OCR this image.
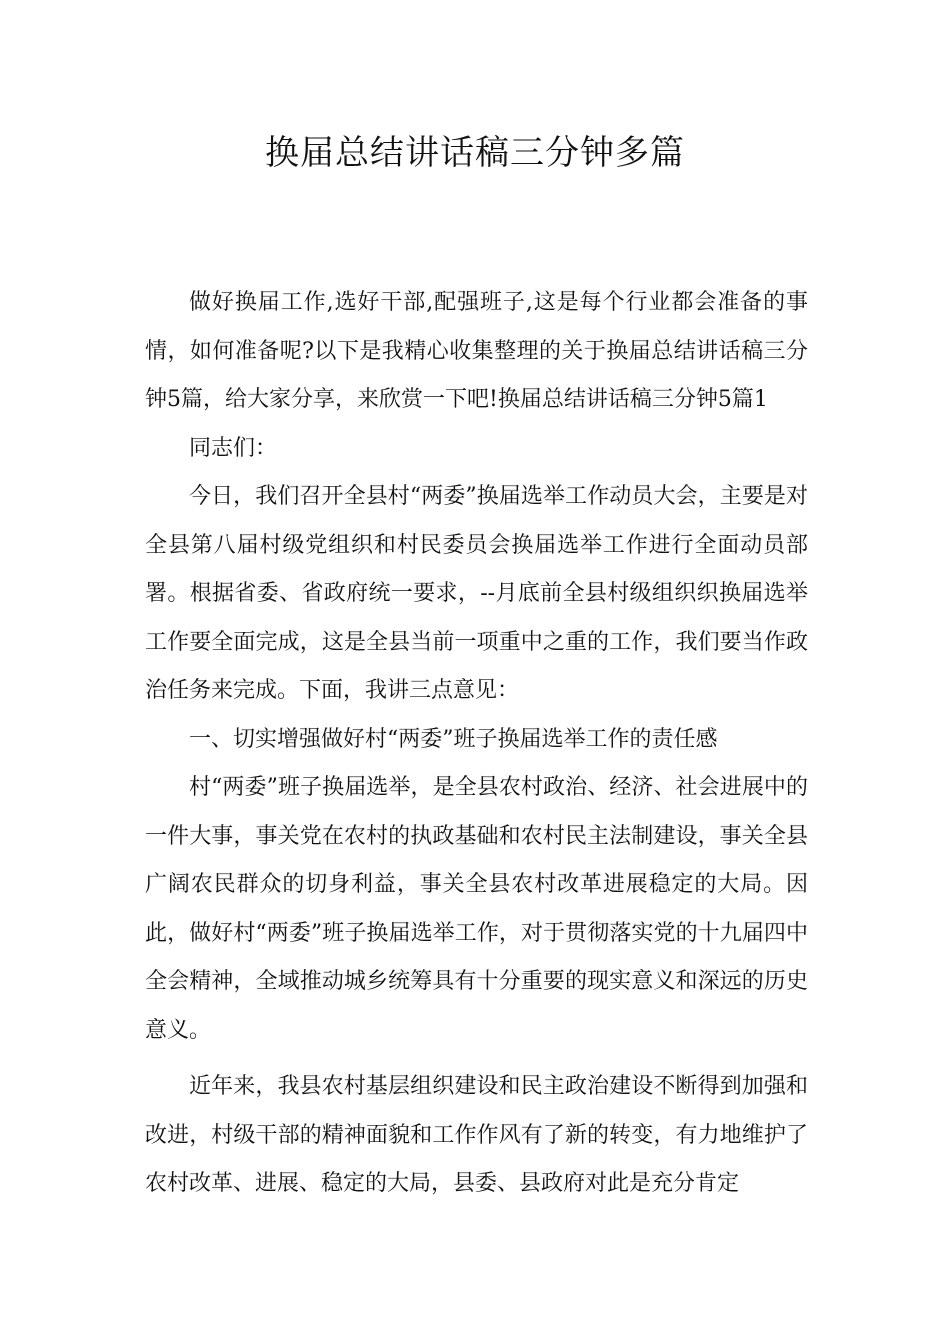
换届总结讲话稿三分钟多篇

做好换届工作,选好干部,配强班子,这是每个行业都会准备的事情，如何准备呢?以下是我精心收集整理的关于换届总结讲话稿三分钟5篇，给大家分享，来欣赏一下吧!换届总结讲话稿三分钟5篇1

同志们：

今日，我们召开全县村“两委”换届选举工作动员大会，主要是对全县第八届村级党组织和村民委员会换届选举工作进行全面动员部署。根据省委、省政府统一要求，--月底前全县村级组织织换届选举工作要全面完成，这是全县当前一项重中之重的工作，我们要当作政治任务来完成。下面，我讲三点意见：

一、切实增强做好村“两委”班子换届选举工作的责任感

村“两委”班子换届选举，是全县农村政治、经济、社会进展中的一件大事，事关党在农村的执政基础和农村民主法制建设，事关全县广阔农民群众的切身利益，事关全县农村改革进展稳定的大局。因此，做好村“两委”班子换届选举工作，对于贯彻落实党的十九届四中全会精神，全域推动城乡统筹具有十分重要的现实意义和深远的历史意义。

近年来，我县农村基层组织建设和民主政治建设不断得到加强和改进，村级干部的精神面貌和工作作风有了新的转变，有力地维护了农村改革、进展、稳定的大局，县委、县政府对此是充分肯定
